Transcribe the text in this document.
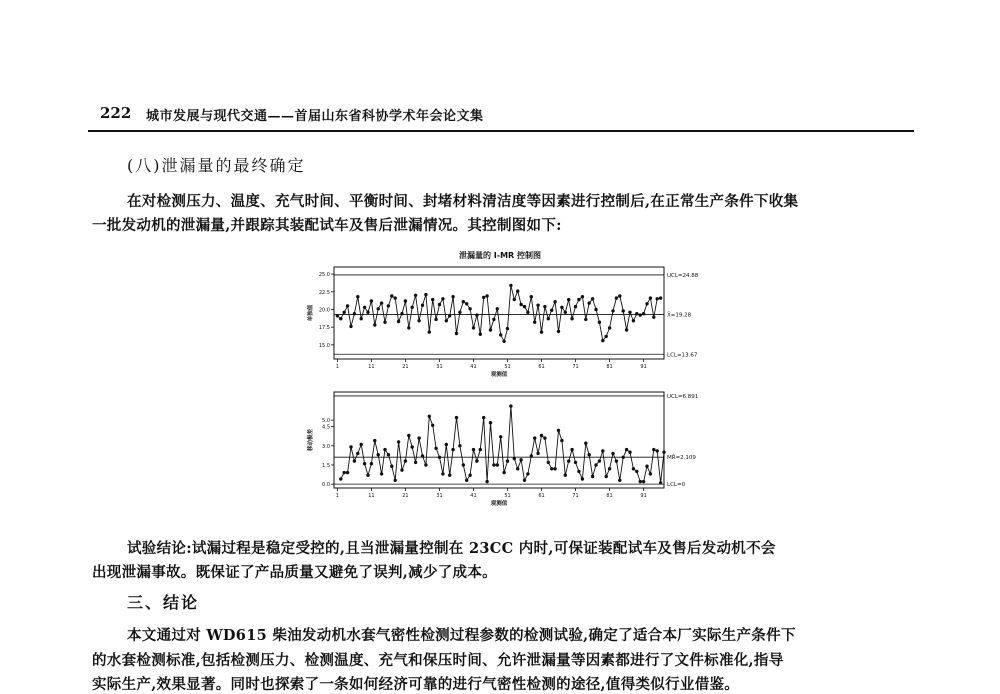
222 城市发展与现代交通——首届山东省科协学术年会论文集
(八)泄漏量的最终确定
在对检测压力、温度、充气时间、平衡时间、封堵材料清洁度等因素进行控制后,在正常生产条件下收集
一批发动机的泄漏量,并跟踪其装配试车及售后泄漏情况。其控制图如下:
泄漏量的 I-MR 控制图
UCL=24.88
X̄=19.28
LCL=13.67
25.0
22.5
20.0
17.5
15.0
1	11	21	31	41	51	61	71	81	91
观测值
单独值
UCL=6.891
MR̄=2.109
LCL=0
5.0
4.5
3.0
1.5
0.0
1	11	21	31	41	51	61	71	81	91
观测值
移动极差
试验结论:试漏过程是稳定受控的,且当泄漏量控制在 23CC 内时,可保证装配试车及售后发动机不会
出现泄漏事故。既保证了产品质量又避免了误判,减少了成本。
三、结论
本文通过对 WD615 柴油发动机水套气密性检测过程参数的检测试验,确定了适合本厂实际生产条件下
的水套检测标准,包括检测压力、检测温度、充气和保压时间、允许泄漏量等因素都进行了文件标准化,指导
实际生产,效果显著。同时也探索了一条如何经济可靠的进行气密性检测的途径,值得类似行业借鉴。
